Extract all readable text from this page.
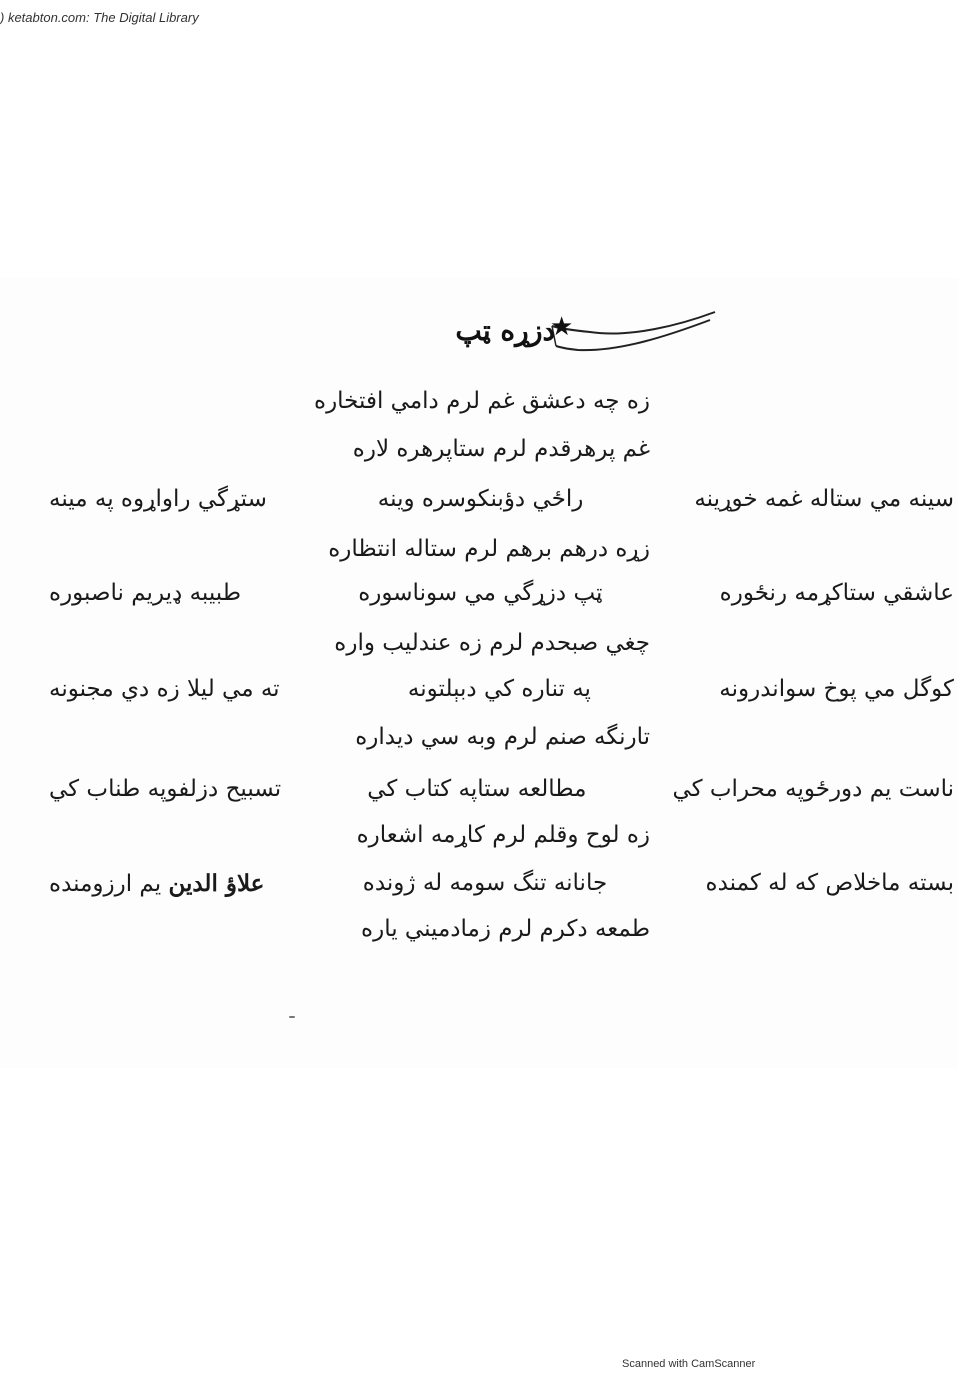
) ketabton.com: The Digital Library
★
دزړه ټپ
زه چه دعشق غم لرم دامي افتخاره
غم پرهرقدم لرم ستاپرهره لاره
سينه مي ستاله غمه خوړينه
راځي دؤبنکوسره وينه
ستړگي راواړوه په مينه
زړه درهم برهم لرم ستاله انتظاره
عاشقي ستاکړمه رنځوره
ټپ دزړگي مي سوناسوره
طبيبه ډيريم ناصبوره
چغي صبحدم لرم زه عندليب واره
کوگل مي پوخ سواندرونه
په تناره کي دبېلتونه
ته مي ليلا زه دي مجنونه
تارنگه صنم لرم وبه سي ديداره
ناست يم دورځوپه محراب کي
مطالعه ستاپه کتاب کي
تسبيح دزلفوپه طناب کي
زه لوح وقلم لرم کاړمه اشعاره
بسته ماخلاص که له کمنده
جانانه تنگ سومه له ژونده
علاؤ الدين يم ارزومنده
طمعه دکرم لرم زمادميني ياره
Scanned with CamScanner
